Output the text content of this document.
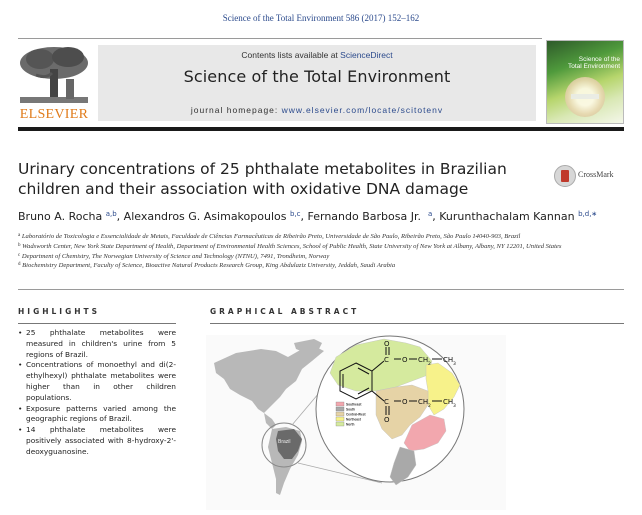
Science of the Total Environment 586 (2017) 152–162
ELSEVIER
Contents lists available at ScienceDirect
Science of the Total Environment
journal homepage: www.elsevier.com/locate/scitotenv
Science of the
Total Environment
Urinary concentrations of 25 phthalate metabolites in Brazilian children and their association with oxidative DNA damage
CrossMark
Bruno A. Rocha $^{a,b}$, Alexandros G. Asimakopoulos $^{b,c}$, Fernando Barbosa Jr. $^a$, Kurunthachalam Kannan $^{b,d,∗}$
$^a$ Laboratório de Toxicologia e Essencialidade de Metais, Faculdade de Ciências Farmacêuticas de Ribeirão Preto, Universidade de São Paulo, Ribeirão Preto, São Paulo 14040-903, Brazil
$^b$ Wadsworth Center, New York State Department of Health, Department of Environmental Health Sciences, School of Public Health, State University of New York at Albany, Albany, NY 12201, United States
$^c$ Department of Chemistry, The Norwegian University of Science and Technology (NTNU), 7491, Trondheim, Norway
$^d$ Biochemistry Department, Faculty of Science, Bioactive Natural Products Research Group, King Abdulaziz University, Jeddah, Saudi Arabia
HIGHLIGHTS	GRAPHICAL ABSTRACT
• 25 phthalate metabolites were measured in children's urine from 5 regions of Brazil.
• Concentrations of monoethyl and di(2-ethylhexyl) phthalate metabolites were higher than in other children populations.
• Exposure patterns varied among the geographic regions of Brazil.
• 14 phthalate metabolites were positively associated with 8-hydroxy-2'-deoxyguanosine.
Brazil
Southeast
South
Central-West
Northeast
North
O
C O CH
2
CH
3
C O CH
2
CH
3
O
